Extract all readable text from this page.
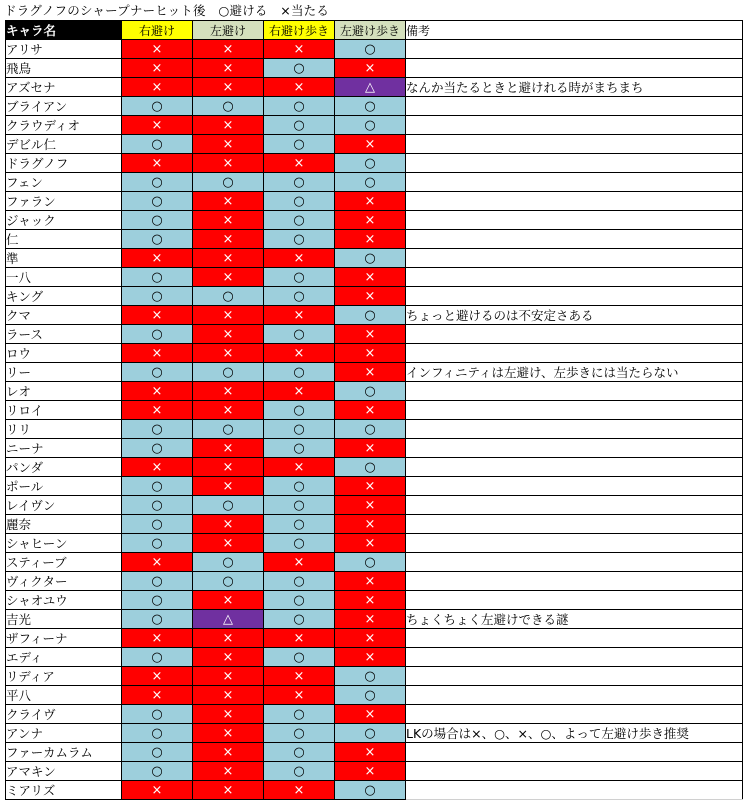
ドラグノフのシャープナーヒット後　○避ける　×当たる
キャラ名	右避け	左避け	右避け歩き	左避け歩き	備考
アリサ	×	×	×	○	
飛鳥	×	×	○	×	
アズセナ	×	×	×	△	なんか当たるときと避けれる時がまちまち
ブライアン	○	○	○	○	
クラウディオ	×	×	○	○	
デビル仁	○	×	○	×	
ドラグノフ	×	×	×	○	
フェン	○	○	○	○	
ファラン	○	×	○	×	
ジャック	○	×	○	×	
仁	○	×	○	×	
準	×	×	×	○	
一八	○	×	○	×	
キング	○	○	○	×	
クマ	×	×	×	○	ちょっと避けるのは不安定さある
ラース	○	×	○	×	
ロウ	×	×	×	×	
リー	○	○	○	×	インフィニティは左避け、左歩きには当たらない
レオ	×	×	×	○	
リロイ	×	×	○	×	
リリ	○	○	○	○	
ニーナ	○	×	○	×	
パンダ	×	×	×	○	
ポール	○	×	○	×	
レイヴン	○	○	○	×	
麗奈	○	×	○	×	
シャヒーン	○	×	○	×	
スティーブ	×	○	×	○	
ヴィクター	○	○	○	×	
シャオユウ	○	×	○	×	
吉光	○	△	○	×	ちょくちょく左避けできる謎
ザフィーナ	×	×	×	×	
エディ	○	×	○	×	
リディア	×	×	×	○	
平八	×	×	×	○	
クライヴ	○	×	○	×	
アンナ	○	×	○	○	LKの場合は×、○、×、○、よって左避け歩き推奨
ファーカムラム	○	×	○	×	
アマキン	○	×	○	×	
ミアリズ	×	×	×	○	
